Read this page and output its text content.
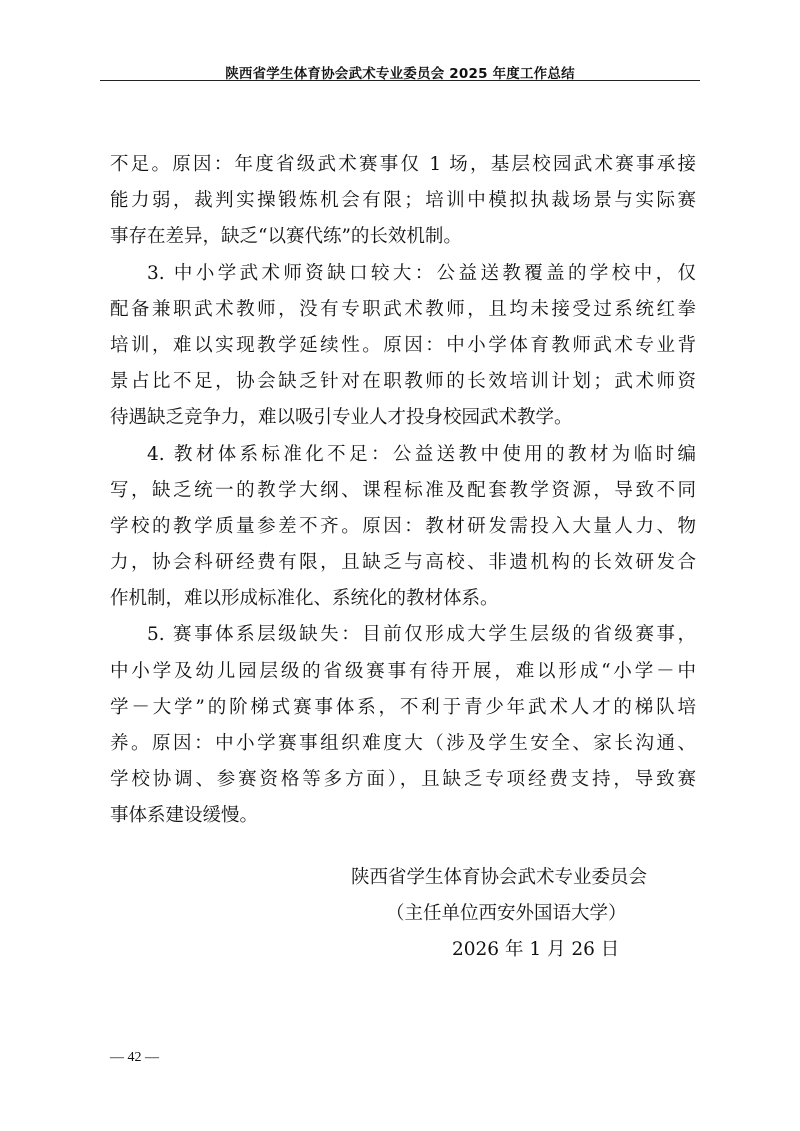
陕西省学生体育协会武术专业委员会 2025 年度工作总结
不足。原因：年度省级武术赛事仅 1 场，基层校园武术赛事承接
能力弱，裁判实操锻炼机会有限；培训中模拟执裁场景与实际赛
事存在差异，缺乏“以赛代练”的长效机制。
3. 中小学武术师资缺口较大：公益送教覆盖的学校中，仅
配备兼职武术教师，没有专职武术教师，且均未接受过系统红拳
培训，难以实现教学延续性。原因：中小学体育教师武术专业背
景占比不足，协会缺乏针对在职教师的长效培训计划；武术师资
待遇缺乏竞争力，难以吸引专业人才投身校园武术教学。
4. 教材体系标准化不足：公益送教中使用的教材为临时编
写，缺乏统一的教学大纲、课程标准及配套教学资源，导致不同
学校的教学质量参差不齐。原因：教材研发需投入大量人力、物
力，协会科研经费有限，且缺乏与高校、非遗机构的长效研发合
作机制，难以形成标准化、系统化的教材体系。
5. 赛事体系层级缺失：目前仅形成大学生层级的省级赛事，
中小学及幼儿园层级的省级赛事有待开展，难以形成“小学－中
学－大学”的阶梯式赛事体系，不利于青少年武术人才的梯队培
养。原因：中小学赛事组织难度大（涉及学生安全、家长沟通、
学校协调、参赛资格等多方面），且缺乏专项经费支持，导致赛
事体系建设缓慢。
陕西省学生体育协会武术专业委员会
（主任单位西安外国语大学）
2026 年 1 月 26 日
— 42 —
